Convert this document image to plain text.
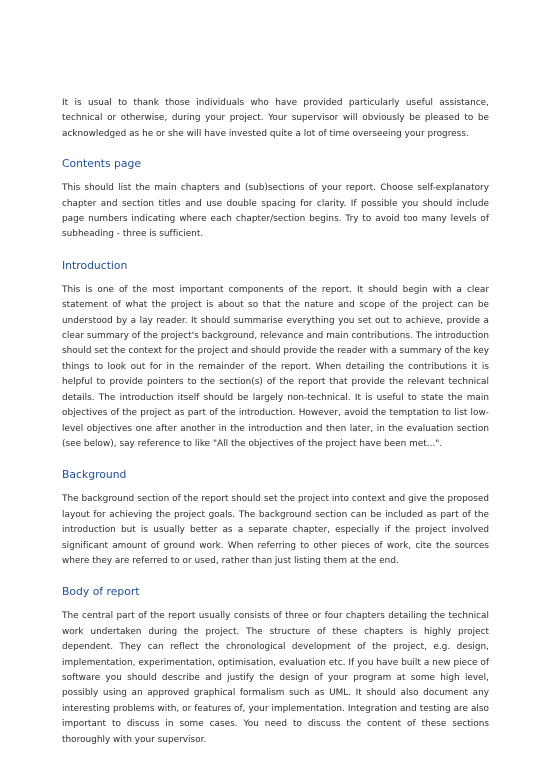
It is usual to thank those individuals who have provided particularly useful assistance, technical or otherwise, during your project. Your supervisor will obviously be pleased to be acknowledged as he or she will have invested quite a lot of time overseeing your progress.

Contents page

This should list the main chapters and (sub)sections of your report. Choose self-explanatory chapter and section titles and use double spacing for clarity. If possible you should include page numbers indicating where each chapter/section begins. Try to avoid too many levels of subheading - three is sufficient.

Introduction

This is one of the most important components of the report. It should begin with a clear statement of what the project is about so that the nature and scope of the project can be understood by a lay reader. It should summarise everything you set out to achieve, provide a clear summary of the project's background, relevance and main contributions. The introduction should set the context for the project and should provide the reader with a summary of the key things to look out for in the remainder of the report. When detailing the contributions it is helpful to provide pointers to the section(s) of the report that provide the relevant technical details. The introduction itself should be largely non-technical. It is useful to state the main objectives of the project as part of the introduction. However, avoid the temptation to list low-level objectives one after another in the introduction and then later, in the evaluation section (see below), say reference to like "All the objectives of the project have been met...".

Background

The background section of the report should set the project into context and give the proposed layout for achieving the project goals. The background section can be included as part of the introduction but is usually better as a separate chapter, especially if the project involved significant amount of ground work. When referring to other pieces of work, cite the sources where they are referred to or used, rather than just listing them at the end.

Body of report

The central part of the report usually consists of three or four chapters detailing the technical work undertaken during the project. The structure of these chapters is highly project dependent. They can reflect the chronological development of the project, e.g. design, implementation, experimentation, optimisation, evaluation etc. If you have built a new piece of software you should describe and justify the design of your program at some high level, possibly using an approved graphical formalism such as UML. It should also document any interesting problems with, or features of, your implementation. Integration and testing are also important to discuss in some cases. You need to discuss the content of these sections thoroughly with your supervisor.
